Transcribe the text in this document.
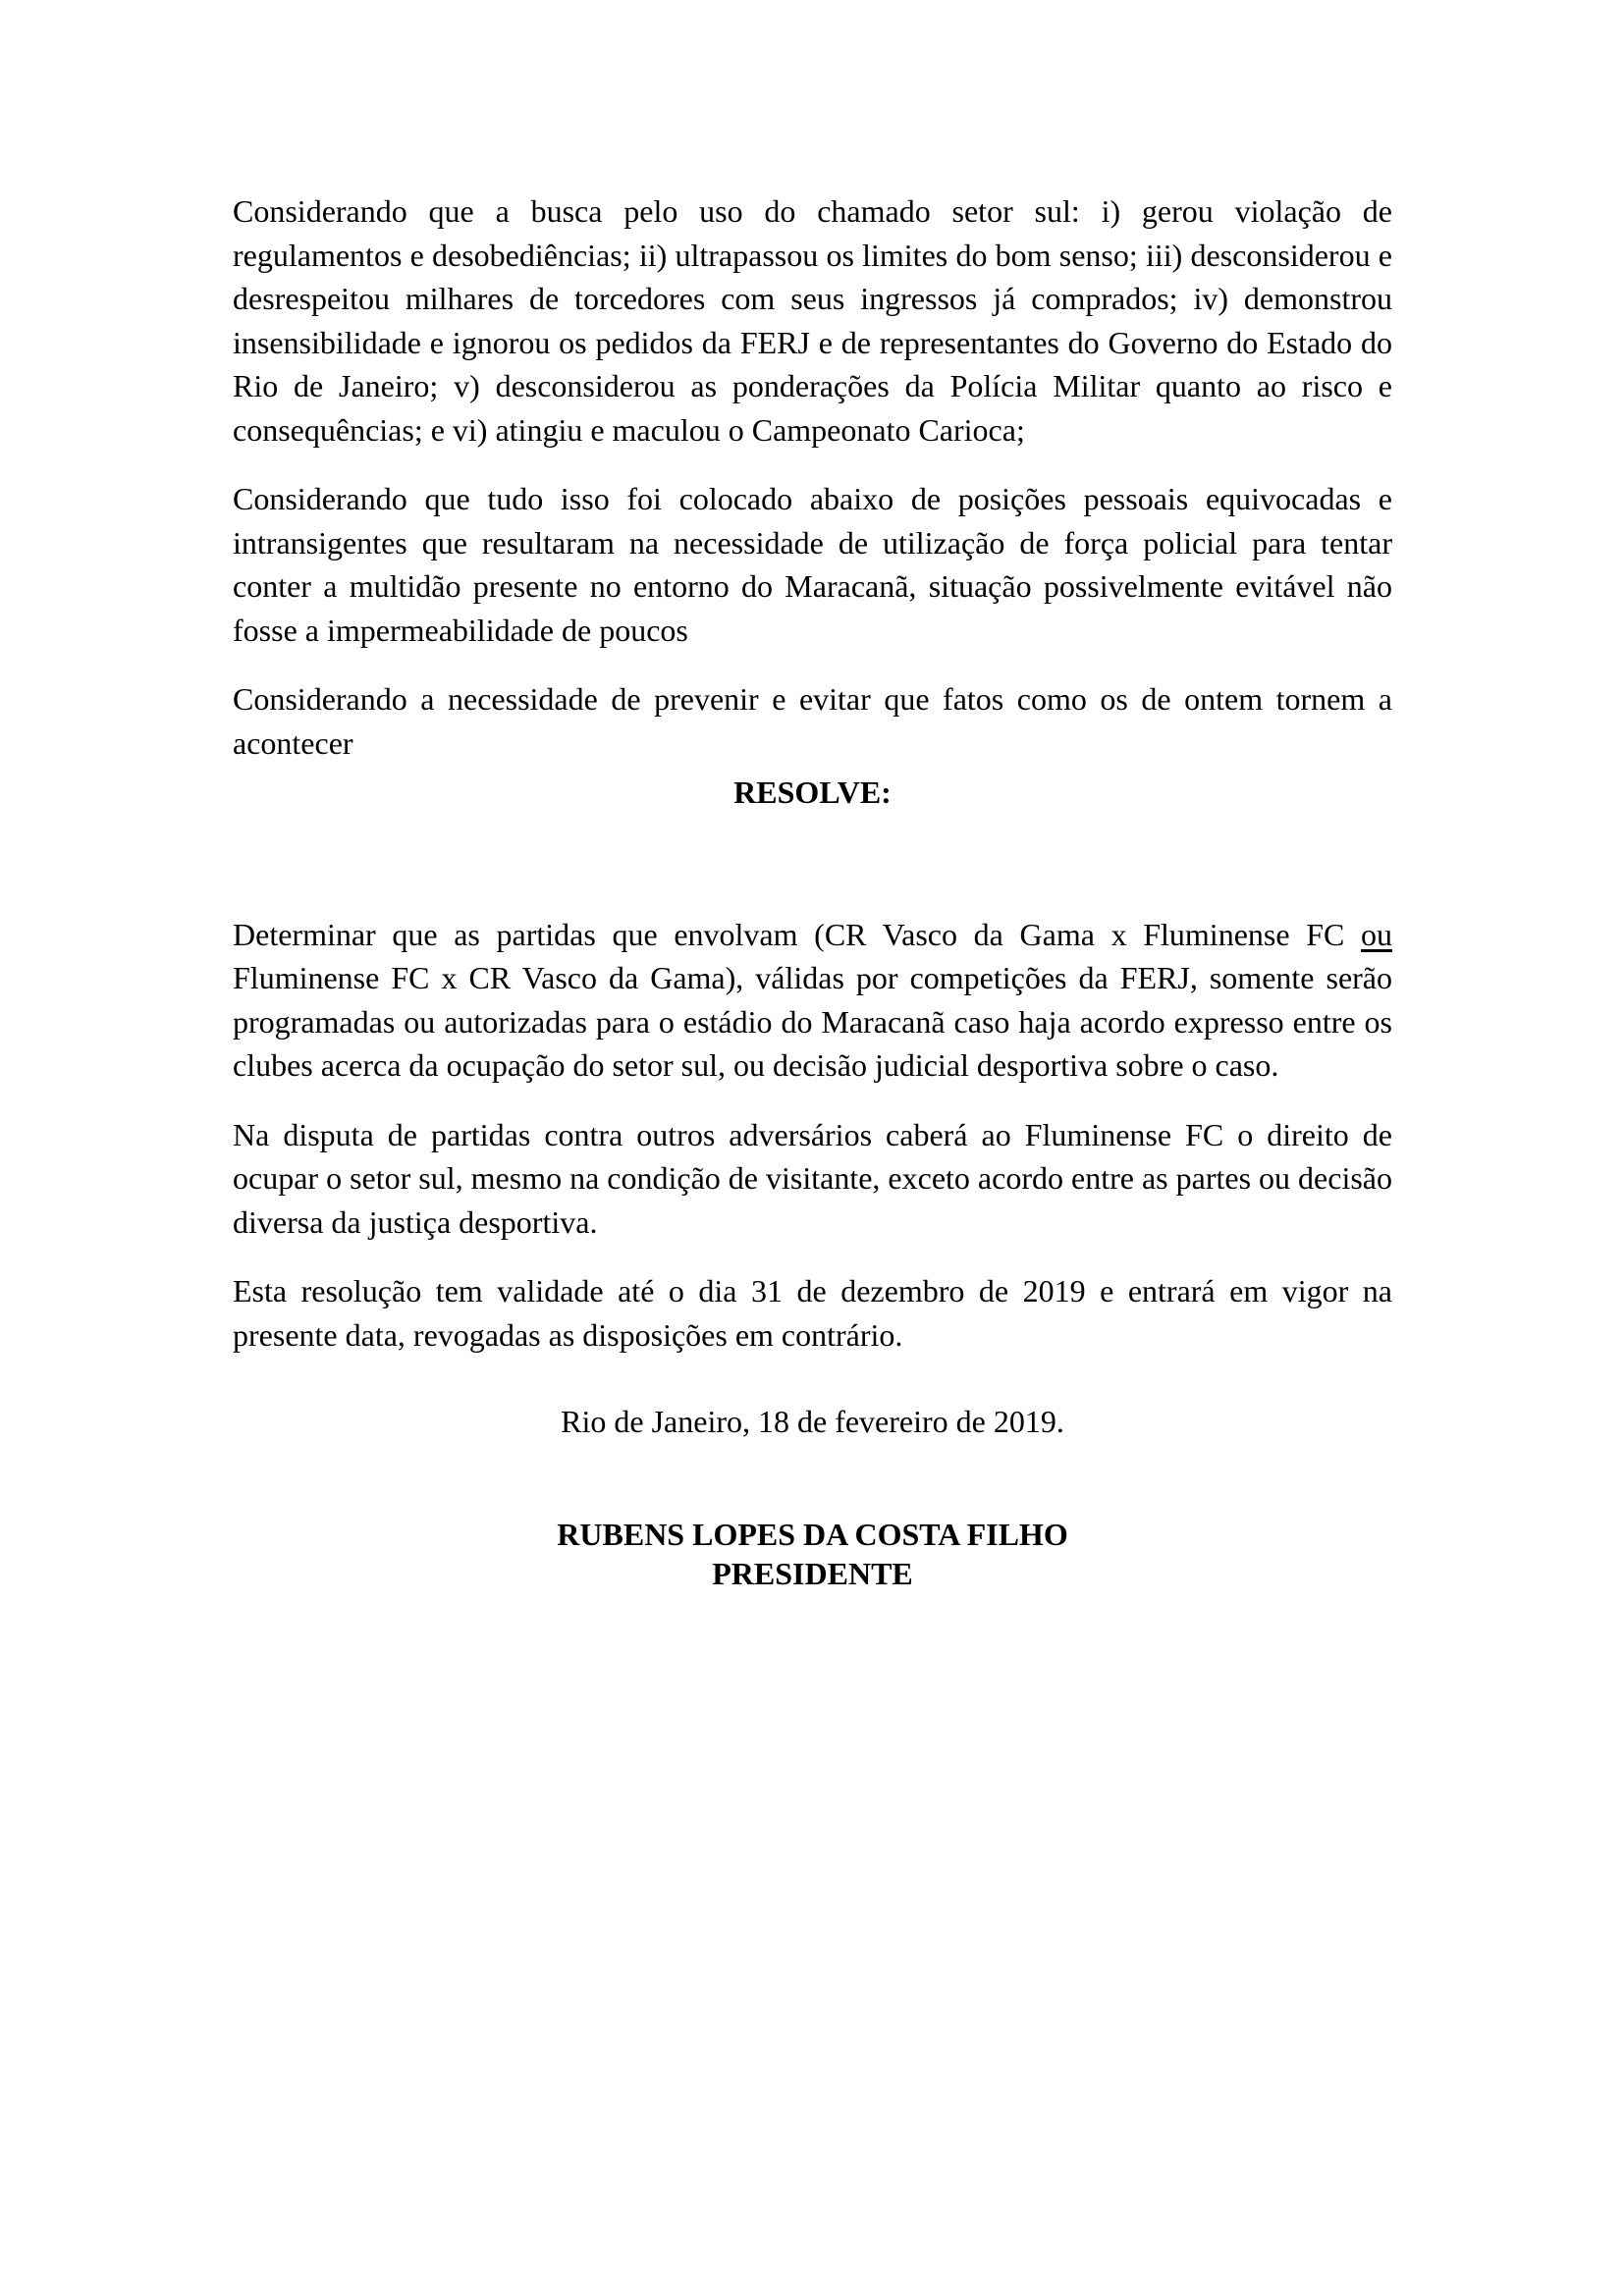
Considerando que a busca pelo uso do chamado setor sul: i) gerou violação de regulamentos e desobediências; ii) ultrapassou os limites do bom senso; iii) desconsiderou e desrespeitou milhares de torcedores com seus ingressos já comprados; iv) demonstrou insensibilidade e ignorou os pedidos da FERJ e de representantes do Governo do Estado do Rio de Janeiro; v) desconsiderou as ponderações da Polícia Militar quanto ao risco e consequências; e vi) atingiu e maculou o Campeonato Carioca;

Considerando que tudo isso foi colocado abaixo de posições pessoais equivocadas e intransigentes que resultaram na necessidade de utilização de força policial para tentar conter a multidão presente no entorno do Maracanã, situação possivelmente evitável não fosse a impermeabilidade de poucos

Considerando a necessidade de prevenir e evitar que fatos como os de ontem tornem a acontecer

RESOLVE:

Determinar que as partidas que envolvam (CR Vasco da Gama x Fluminense FC ou Fluminense FC x CR Vasco da Gama), válidas por competições da FERJ, somente serão programadas ou autorizadas para o estádio do Maracanã caso haja acordo expresso entre os clubes acerca da ocupação do setor sul, ou decisão judicial desportiva sobre o caso.

Na disputa de partidas contra outros adversários caberá ao Fluminense FC o direito de ocupar o setor sul, mesmo na condição de visitante, exceto acordo entre as partes ou decisão diversa da justiça desportiva.

Esta resolução tem validade até o dia 31 de dezembro de 2019 e entrará em vigor na presente data, revogadas as disposições em contrário.

Rio de Janeiro, 18 de fevereiro de 2019.
RUBENS LOPES DA COSTA FILHO
PRESIDENTE
